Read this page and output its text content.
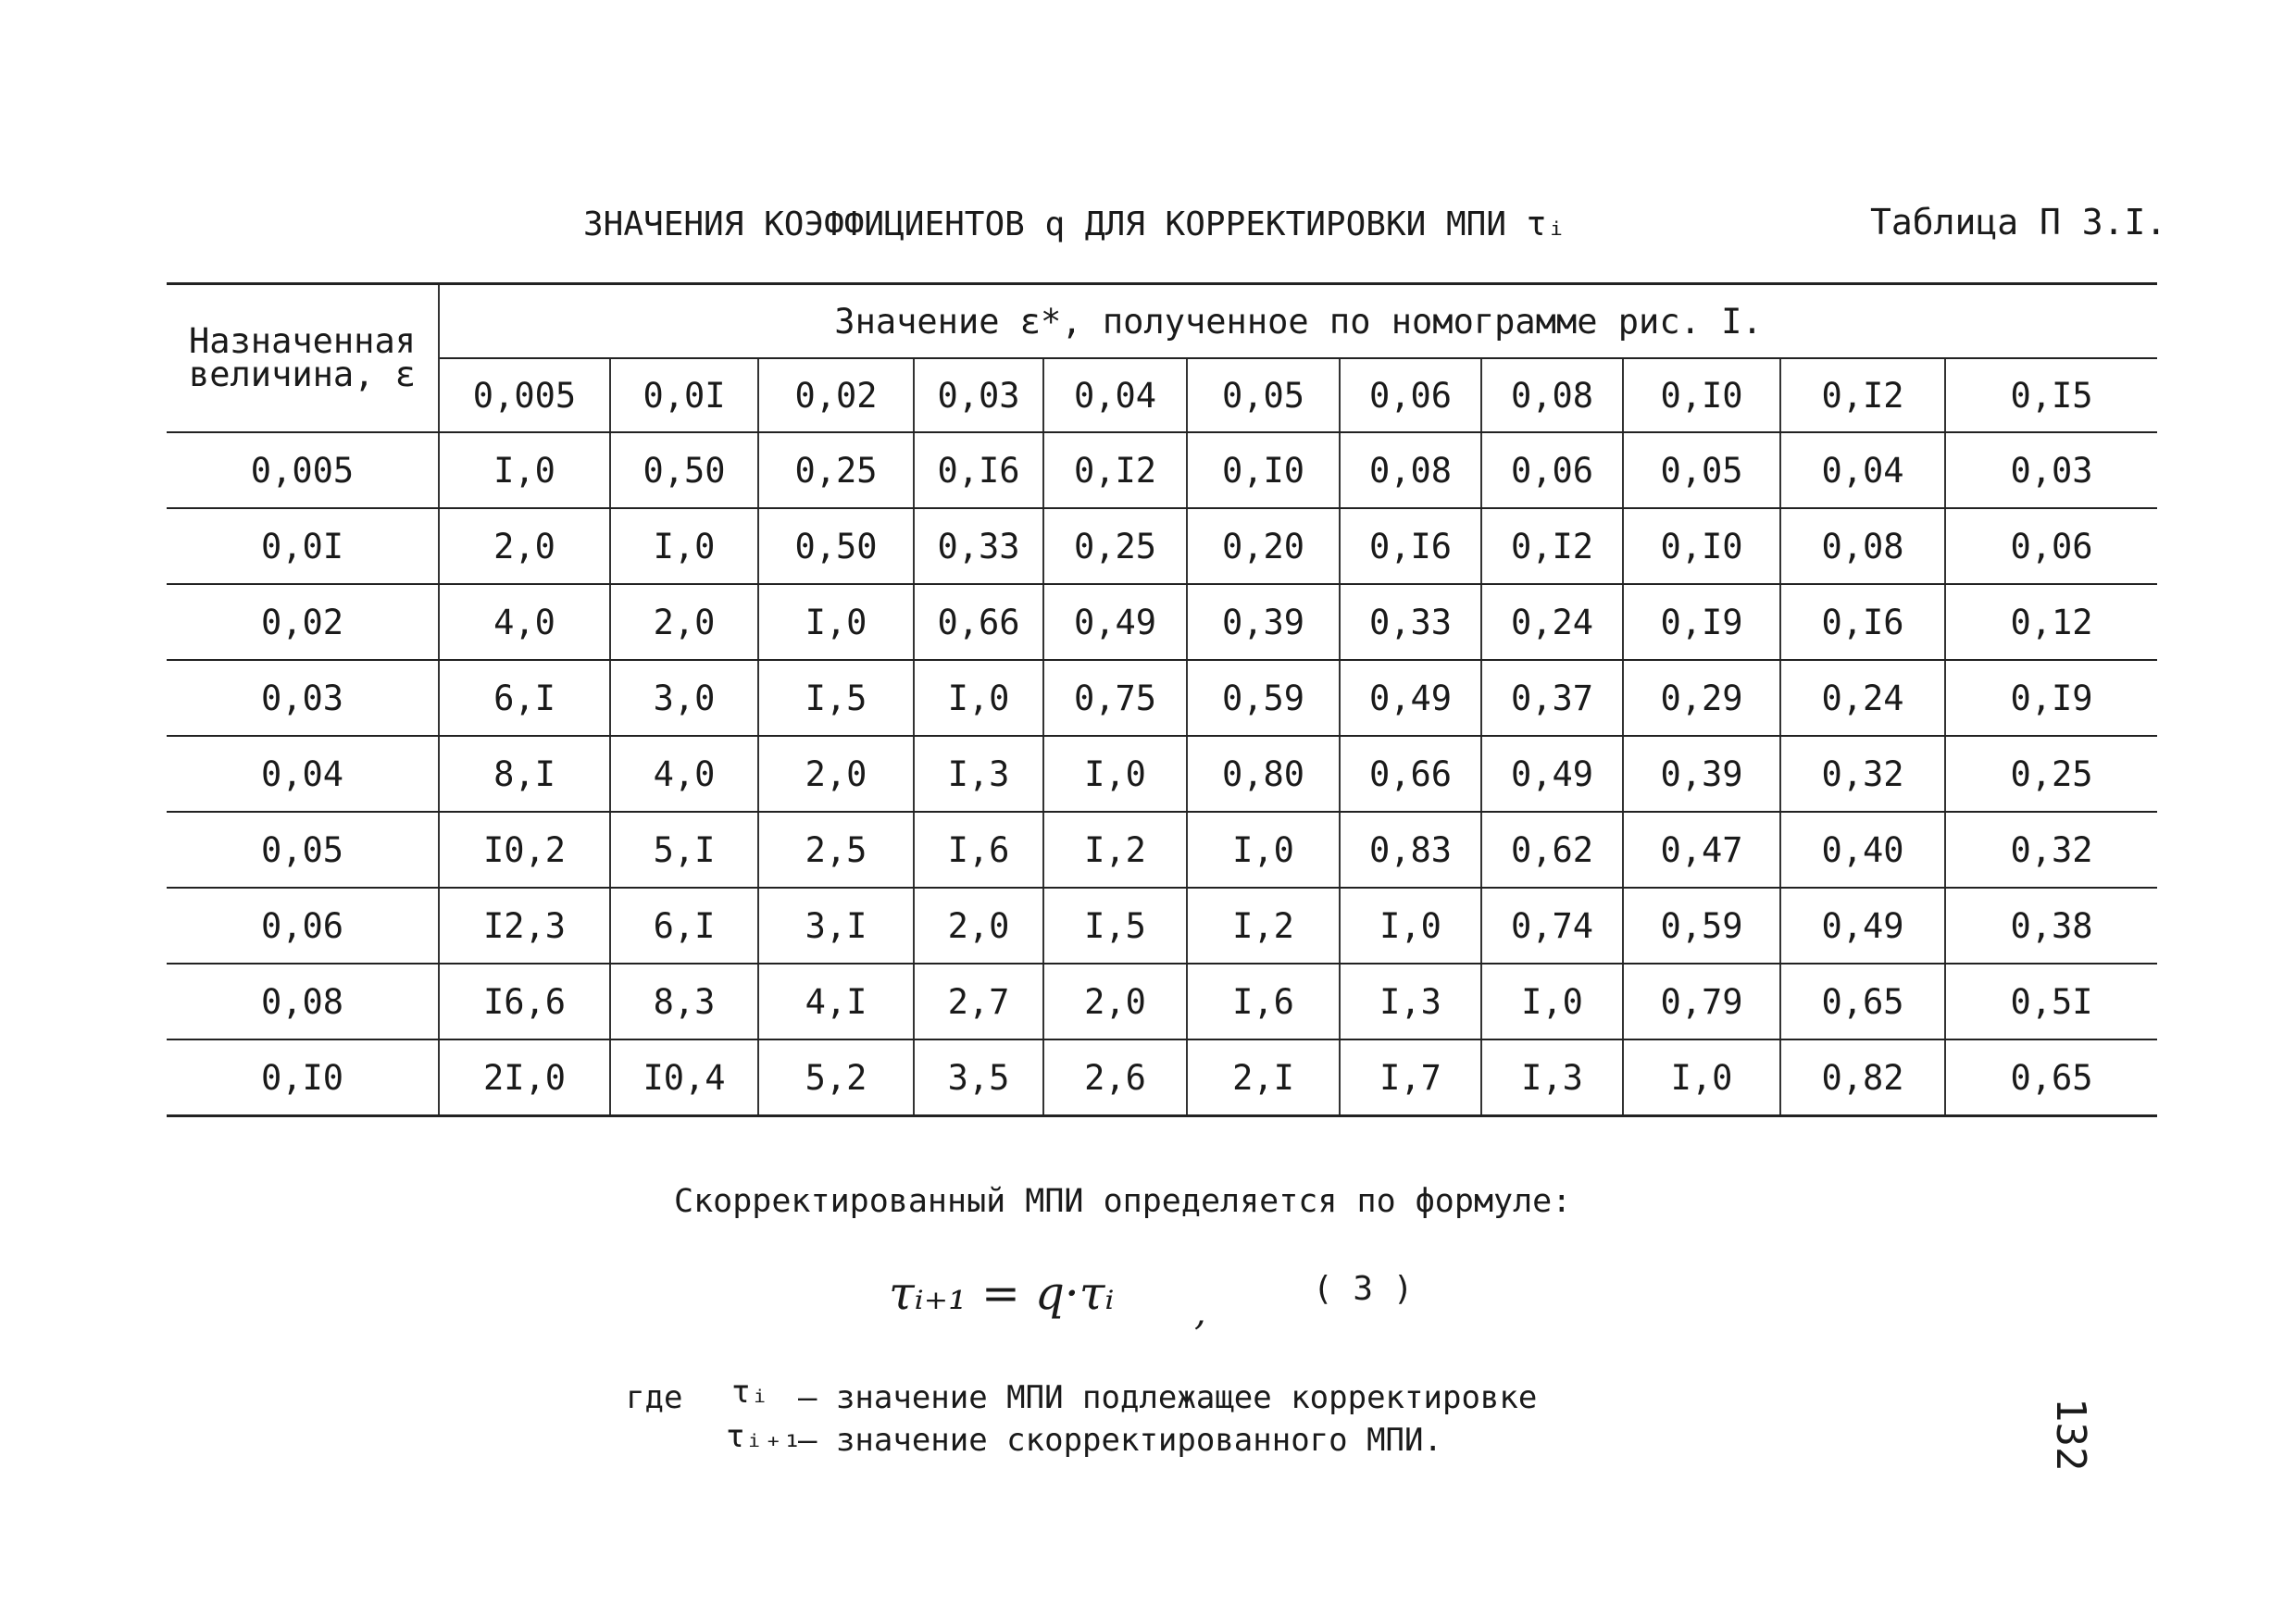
ЗНАЧЕНИЯ КОЭФФИЦИЕНТОВ q ДЛЯ КОРРЕКТИРОВКИ МПИ τᵢ	Таблица П 3.I.
Назначенная величина, ε	Значение ε*, полученное по номограмме рис. I.										
	0,005	0,0I	0,02	0,03	0,04	0,05	0,06	0,08	0,I0	0,I2	0,I5
0,005	I,0	0,50	0,25	0,I6	0,I2	0,I0	0,08	0,06	0,05	0,04	0,03
0,0I	2,0	I,0	0,50	0,33	0,25	0,20	0,I6	0,I2	0,I0	0,08	0,06
0,02	4,0	2,0	I,0	0,66	0,49	0,39	0,33	0,24	0,I9	0,I6	0,12
0,03	6,I	3,0	I,5	I,0	0,75	0,59	0,49	0,37	0,29	0,24	0,I9
0,04	8,I	4,0	2,0	I,3	I,0	0,80	0,66	0,49	0,39	0,32	0,25
0,05	I0,2	5,I	2,5	I,6	I,2	I,0	0,83	0,62	0,47	0,40	0,32
0,06	I2,3	6,I	3,I	2,0	I,5	I,2	I,0	0,74	0,59	0,49	0,38
0,08	I6,6	8,3	4,I	2,7	2,0	I,6	I,3	I,0	0,79	0,65	0,5I
0,I0	2I,0	I0,4	5,2	3,5	2,6	2,I	I,7	I,3	I,0	0,82	0,65
Скорректированный МПИ определяется по формуле:
τᵢ₊₁ = q·τᵢ ,
( 3 )
где τᵢ – значение МПИ подлежащее корректировке
τᵢ₊₁
– значение скорректированного МПИ.	132
